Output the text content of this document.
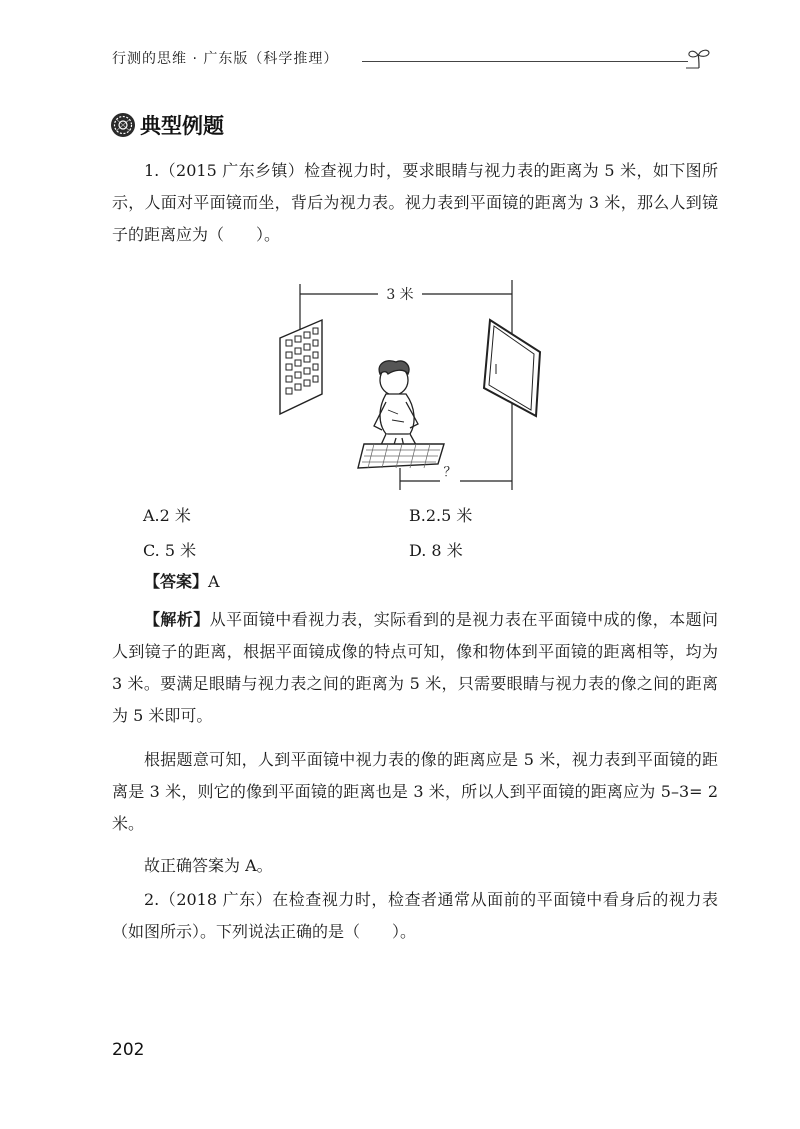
行测的思维 · 广东版（科学推理）
典型例题

1.（2015 广东乡镇）检查视力时，要求眼睛与视力表的距离为 5 米，如下图所示，人面对平面镜而坐，背后为视力表。视力表到平面镜的距离为 3 米，那么人到镜子的距离应为（　　）。

3 米
？
A.2 米	B.2.5 米
C. 5 米	D. 8 米

【答案】A

【解析】从平面镜中看视力表，实际看到的是视力表在平面镜中成的像，本题问人到镜子的距离，根据平面镜成像的特点可知，像和物体到平面镜的距离相等，均为 3 米。要满足眼睛与视力表之间的距离为 5 米，只需要眼睛与视力表的像之间的距离为 5 米即可。

根据题意可知，人到平面镜中视力表的像的距离应是 5 米，视力表到平面镜的距离是 3 米，则它的像到平面镜的距离也是 3 米，所以人到平面镜的距离应为 5–3= 2 米。

故正确答案为 A。

2.（2018 广东）在检查视力时，检查者通常从面前的平面镜中看身后的视力表（如图所示）。下列说法正确的是（　　）。

202
